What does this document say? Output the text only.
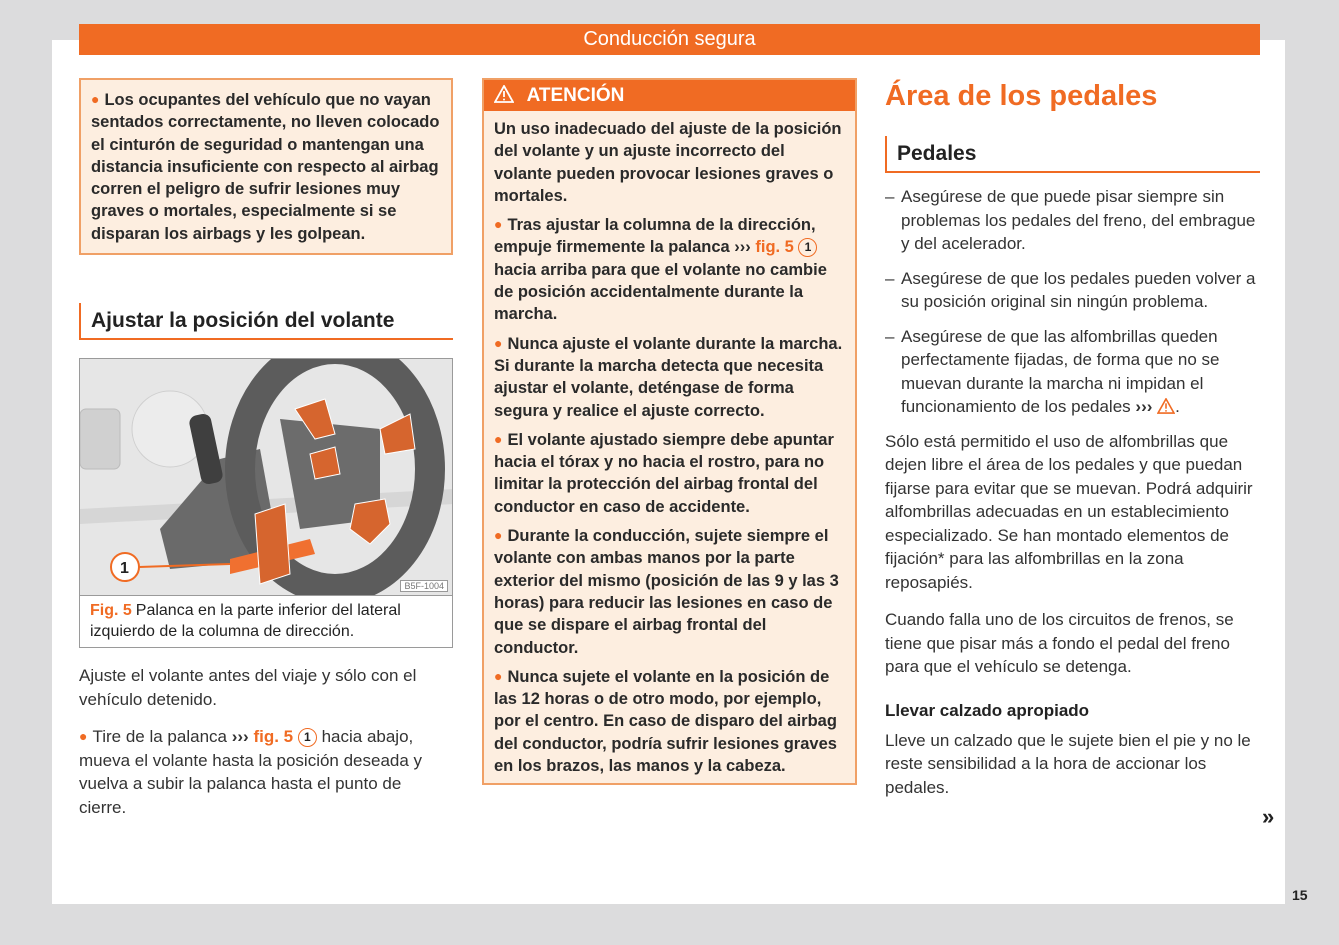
Conducción segura
● Los ocupantes del vehículo que no vayan sentados correctamente, no lleven colocado el cinturón de seguridad o mantengan una distancia insuficiente con respecto al airbag corren el peligro de sufrir lesiones muy graves o mortales, especialmente si se disparan los airbags y les golpean.
Ajustar la posición del volante
1
B5F-1004
Fig. 5 Palanca en la parte inferior del lateral izquierdo de la columna de dirección.

Ajuste el volante antes del viaje y sólo con el vehículo detenido.

● Tire de la palanca ››› fig. 5 1 hacia abajo, mueva el volante hasta la posición deseada y vuelva a subir la palanca hasta el punto de cierre.

ATENCIÓN

Un uso inadecuado del ajuste de la posición del volante y un ajuste incorrecto del volante pueden provocar lesiones graves o mortales.

● Tras ajustar la columna de la dirección, empuje firmemente la palanca ››› fig. 5 1 hacia arriba para que el volante no cambie de posición accidentalmente durante la marcha.

● Nunca ajuste el volante durante la marcha. Si durante la marcha detecta que necesita ajustar el volante, deténgase de forma segura y realice el ajuste correcto.

● El volante ajustado siempre debe apuntar hacia el tórax y no hacia el rostro, para no limitar la protección del airbag frontal del conductor en caso de accidente.

● Durante la conducción, sujete siempre el volante con ambas manos por la parte exterior del mismo (posición de las 9 y las 3 horas) para reducir las lesiones en caso de que se dispare el airbag frontal del conductor.

● Nunca sujete el volante en la posición de las 12 horas o de otro modo, por ejemplo, por el centro. En caso de disparo del airbag del conductor, podría sufrir lesiones graves en los brazos, las manos y la cabeza.

Área de los pedales
Pedales
– Asegúrese de que puede pisar siempre sin problemas los pedales del freno, del embrague y del acelerador.
– Asegúrese de que los pedales pueden volver a su posición original sin ningún problema.
– Asegúrese de que las alfombrillas queden perfectamente fijadas, de forma que no se muevan durante la marcha ni impidan el funcionamiento de los pedales ››› .

Sólo está permitido el uso de alfombrillas que dejen libre el área de los pedales y que puedan fijarse para evitar que se muevan. Podrá adquirir alfombrillas adecuadas en un establecimiento especializado. Se han montado elementos de fijación* para las alfombrillas en la zona reposapiés.

Cuando falla uno de los circuitos de frenos, se tiene que pisar más a fondo el pedal del freno para que el vehículo se detenga.

Llevar calzado apropiado

Lleve un calzado que le sujete bien el pie y no le reste sensibilidad a la hora de accionar los pedales.

»
15
